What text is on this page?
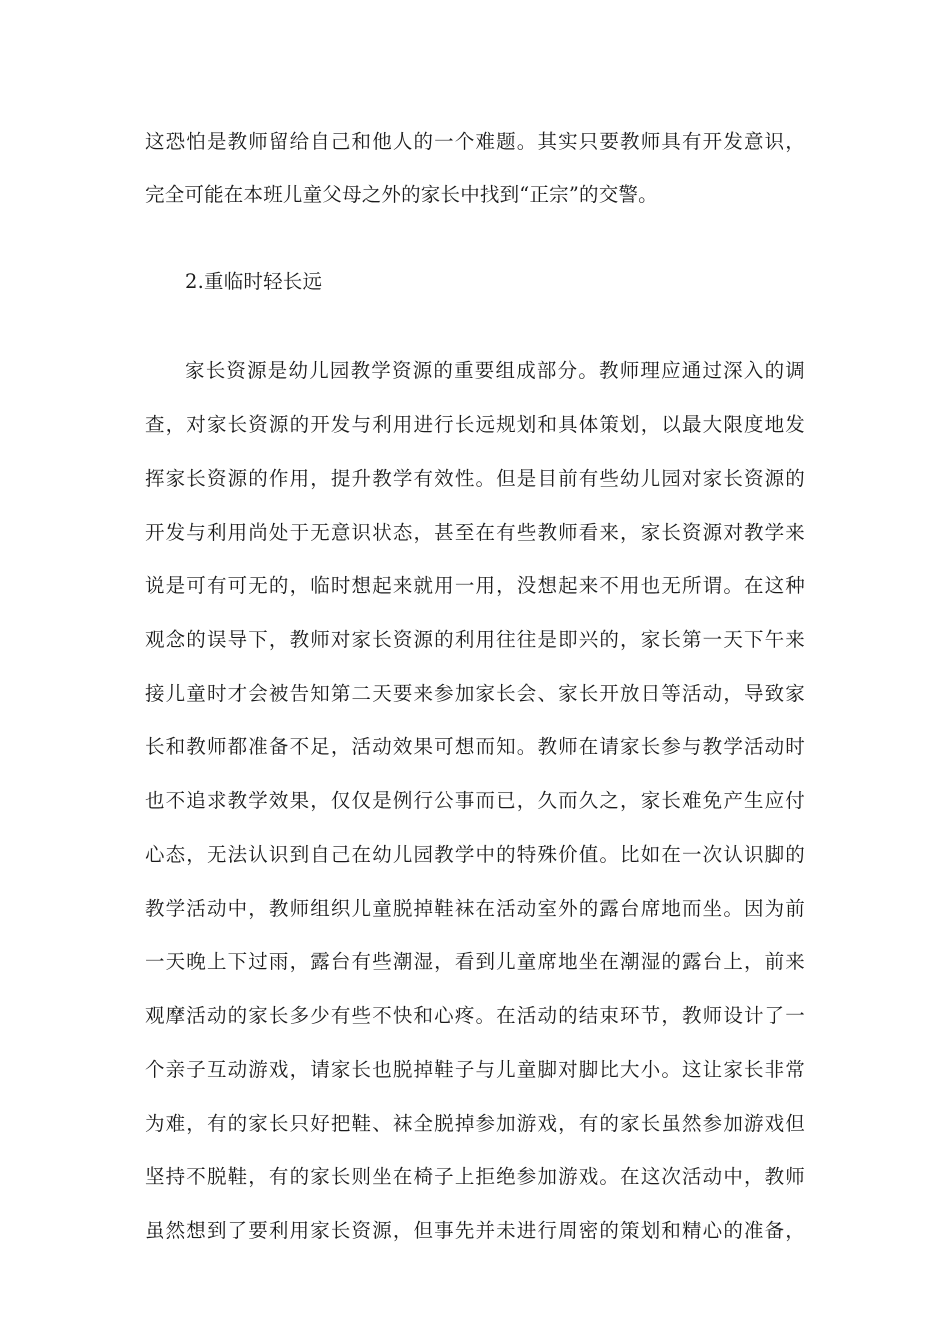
这恐怕是教师留给自己和他人的一个难题。其实只要教师具有开发意识，
完全可能在本班儿童父母之外的家长中找到“正宗”的交警。
2.重临时轻长远
家长资源是幼儿园教学资源的重要组成部分。教师理应通过深入的调
查，对家长资源的开发与利用进行长远规划和具体策划，以最大限度地发
挥家长资源的作用，提升教学有效性。但是目前有些幼儿园对家长资源的
开发与利用尚处于无意识状态，甚至在有些教师看来，家长资源对教学来
说是可有可无的，临时想起来就用一用，没想起来不用也无所谓。在这种
观念的误导下，教师对家长资源的利用往往是即兴的，家长第一天下午来
接儿童时才会被告知第二天要来参加家长会、家长开放日等活动，导致家
长和教师都准备不足，活动效果可想而知。教师在请家长参与教学活动时
也不追求教学效果，仅仅是例行公事而已，久而久之，家长难免产生应付
心态，无法认识到自己在幼儿园教学中的特殊价值。比如在一次认识脚的
教学活动中，教师组织儿童脱掉鞋袜在活动室外的露台席地而坐。因为前
一天晚上下过雨，露台有些潮湿，看到儿童席地坐在潮湿的露台上，前来
观摩活动的家长多少有些不快和心疼。在活动的结束环节，教师设计了一
个亲子互动游戏，请家长也脱掉鞋子与儿童脚对脚比大小。这让家长非常
为难，有的家长只好把鞋、袜全脱掉参加游戏，有的家长虽然参加游戏但
坚持不脱鞋，有的家长则坐在椅子上拒绝参加游戏。在这次活动中，教师
虽然想到了要利用家长资源，但事先并未进行周密的策划和精心的准备，
